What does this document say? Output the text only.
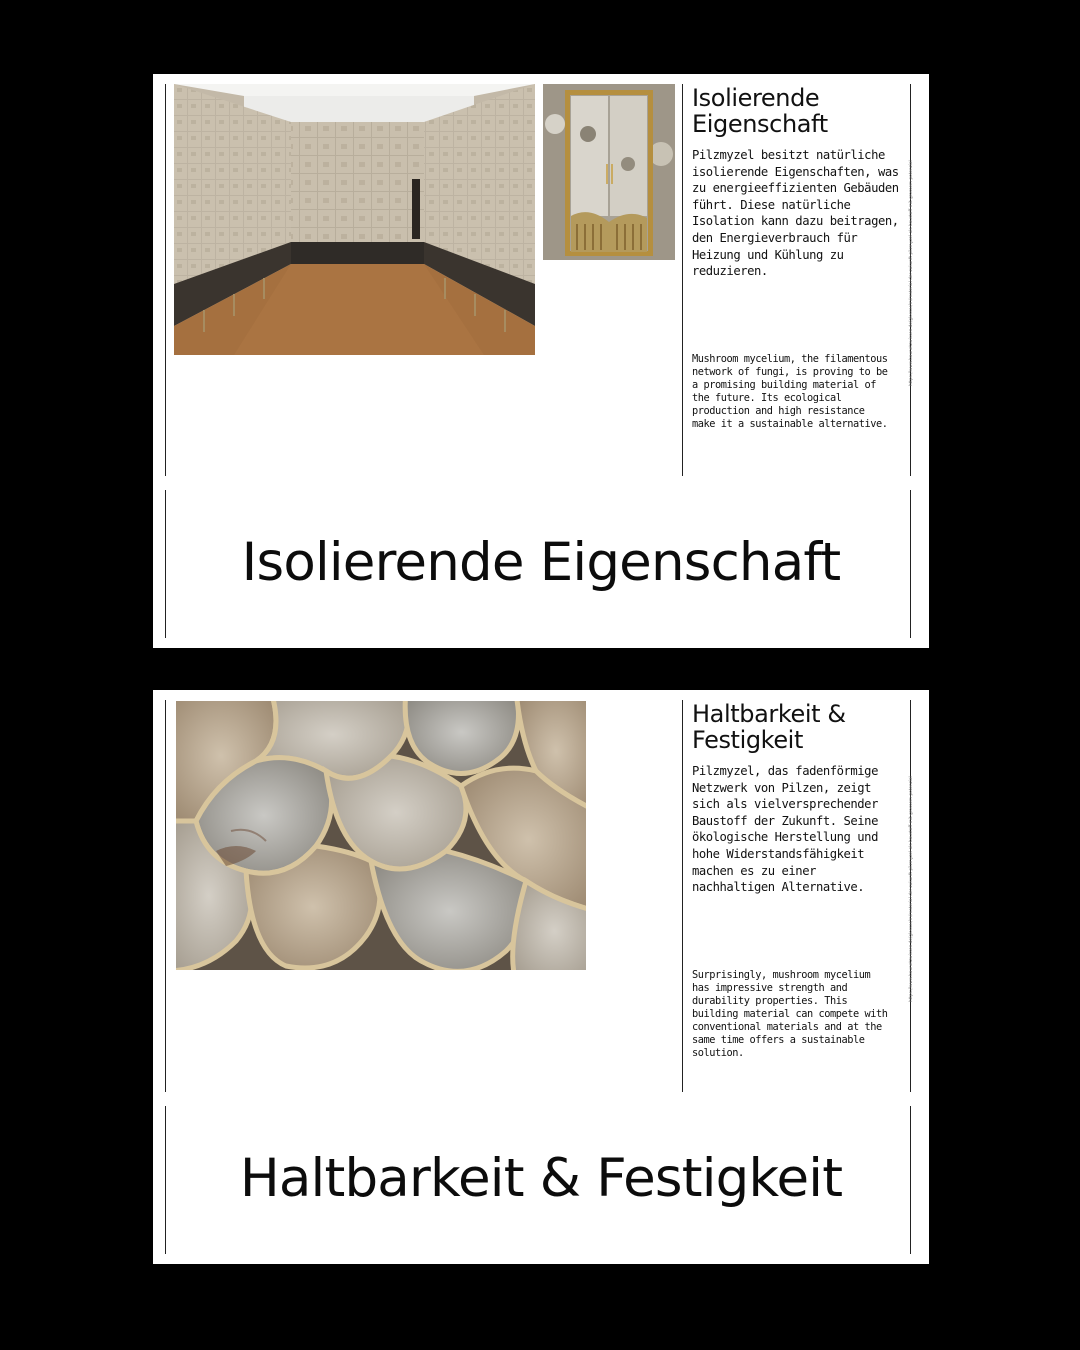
Isolierende Eigenschaft

Pilzmyzel besitzt natürliche isolierende Eigenschaften, was zu energieeffizienten Gebäuden führt. Diese natürliche Isolation kann dazu beitragen, den Energieverbrauch für Heizung und Kühlung zu reduzieren.

Mushroom mycelium, the filamentous network of fungi, is proving to be a promising building material of the future. Its ecological production and high resistance make it a sustainable alternative.

https://www.baunetzwissen.de/glossar/m/material-der-zukunft-pilzmyzel-als-baustoff-mit-grossem-potenzial
Isolierende Eigenschaft
Haltbarkeit & Festigkeit

Pilzmyzel, das fadenförmige Netzwerk von Pilzen, zeigt sich als vielversprechender Baustoff der Zukunft. Seine ökologische Herstellung und hohe Widerstandsfähigkeit machen es zu einer nachhaltigen Alternative.

Surprisingly, mushroom mycelium has impressive strength and durability properties. This building material can compete with conventional materials and at the same time offers a sustainable solution.

https://www.baunetzwissen.de/glossar/m/material-der-zukunft-pilzmyzel-als-baustoff-mit-grossem-potenzial
Haltbarkeit & Festigkeit
